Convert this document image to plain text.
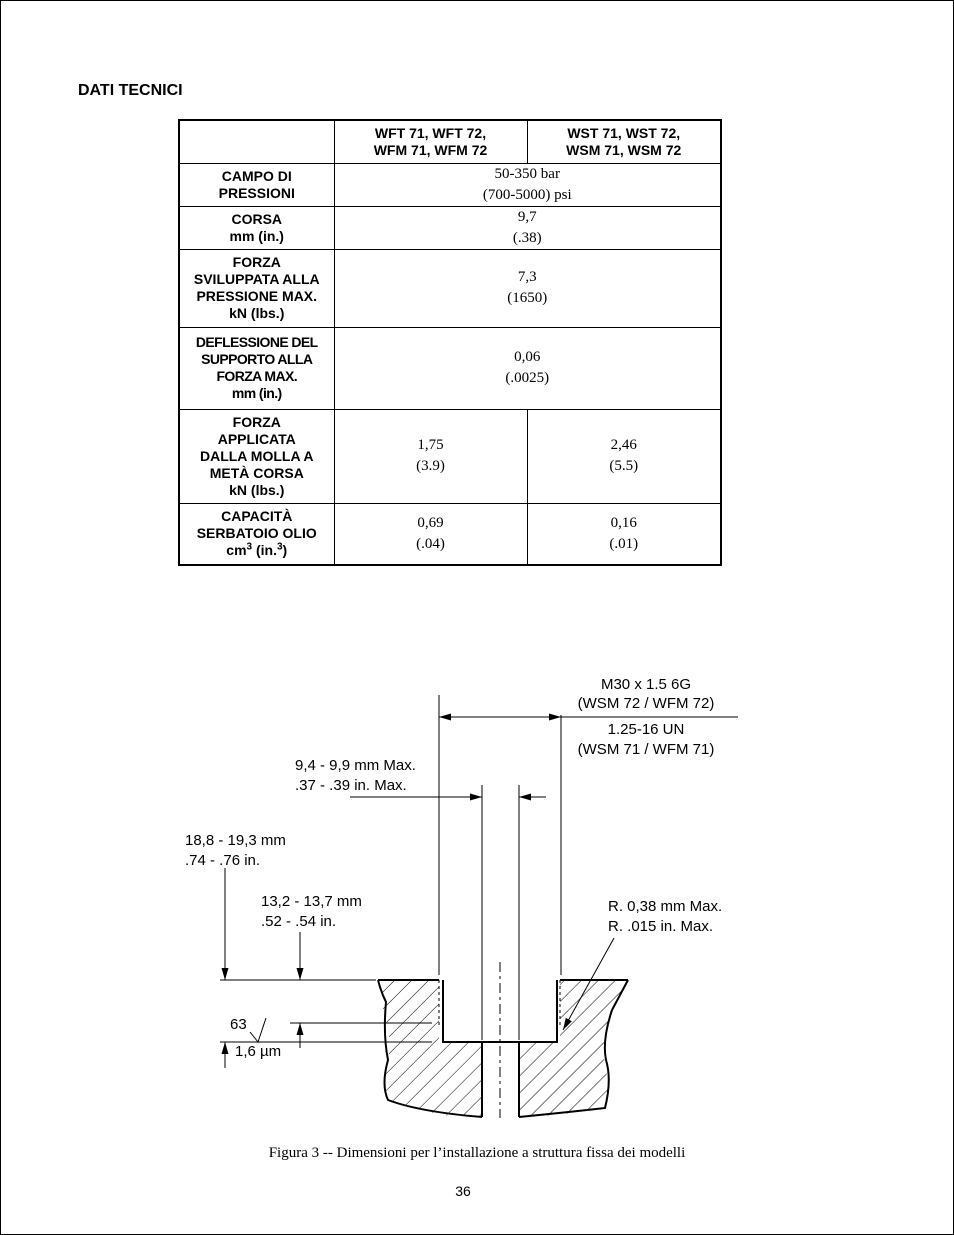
DATI TECNICI

	WFT 71, WFT 72,
WFM 71, WFM 72	WST 71, WST 72,
WSM 71, WSM 72

CAMPO DI
PRESSIONI	50-350 bar
(700-5000) psi	

CORSA
mm (in.)	9,7
(.38)	

FORZA
SVILUPPATA ALLA
PRESSIONE MAX.
kN (lbs.)	7,3
(1650)	

DEFLESSIONE DEL
SUPPORTO ALLA
FORZA MAX.
mm (in.)	0,06
(.0025)	

FORZA
APPLICATA
DALLA MOLLA A
METÀ CORSA
kN (lbs.)	1,75
(3.9)	2,46
(5.5)

CAPACITÀ
SERBATOIO OLIO
$cm^3$ (in.$^3$)	0,69
(.04)	0,16
(.01)
M30 x 1.5 6G
(WSM 72 / WFM 72)
1.25-16 UN
(WSM 71 / WFM 71)
9,4 - 9,9 mm Max.
.37 - .39 in. Max.
18,8 - 19,3 mm
.74 - .76 in.
13,2 - 13,7 mm
.52 - .54 in.
R. 0,38 mm Max.
R. .015 in. Max.
63
1,6 µm
Figura 3 -- Dimensioni per l’installazione a struttura fissa dei modelli
36
